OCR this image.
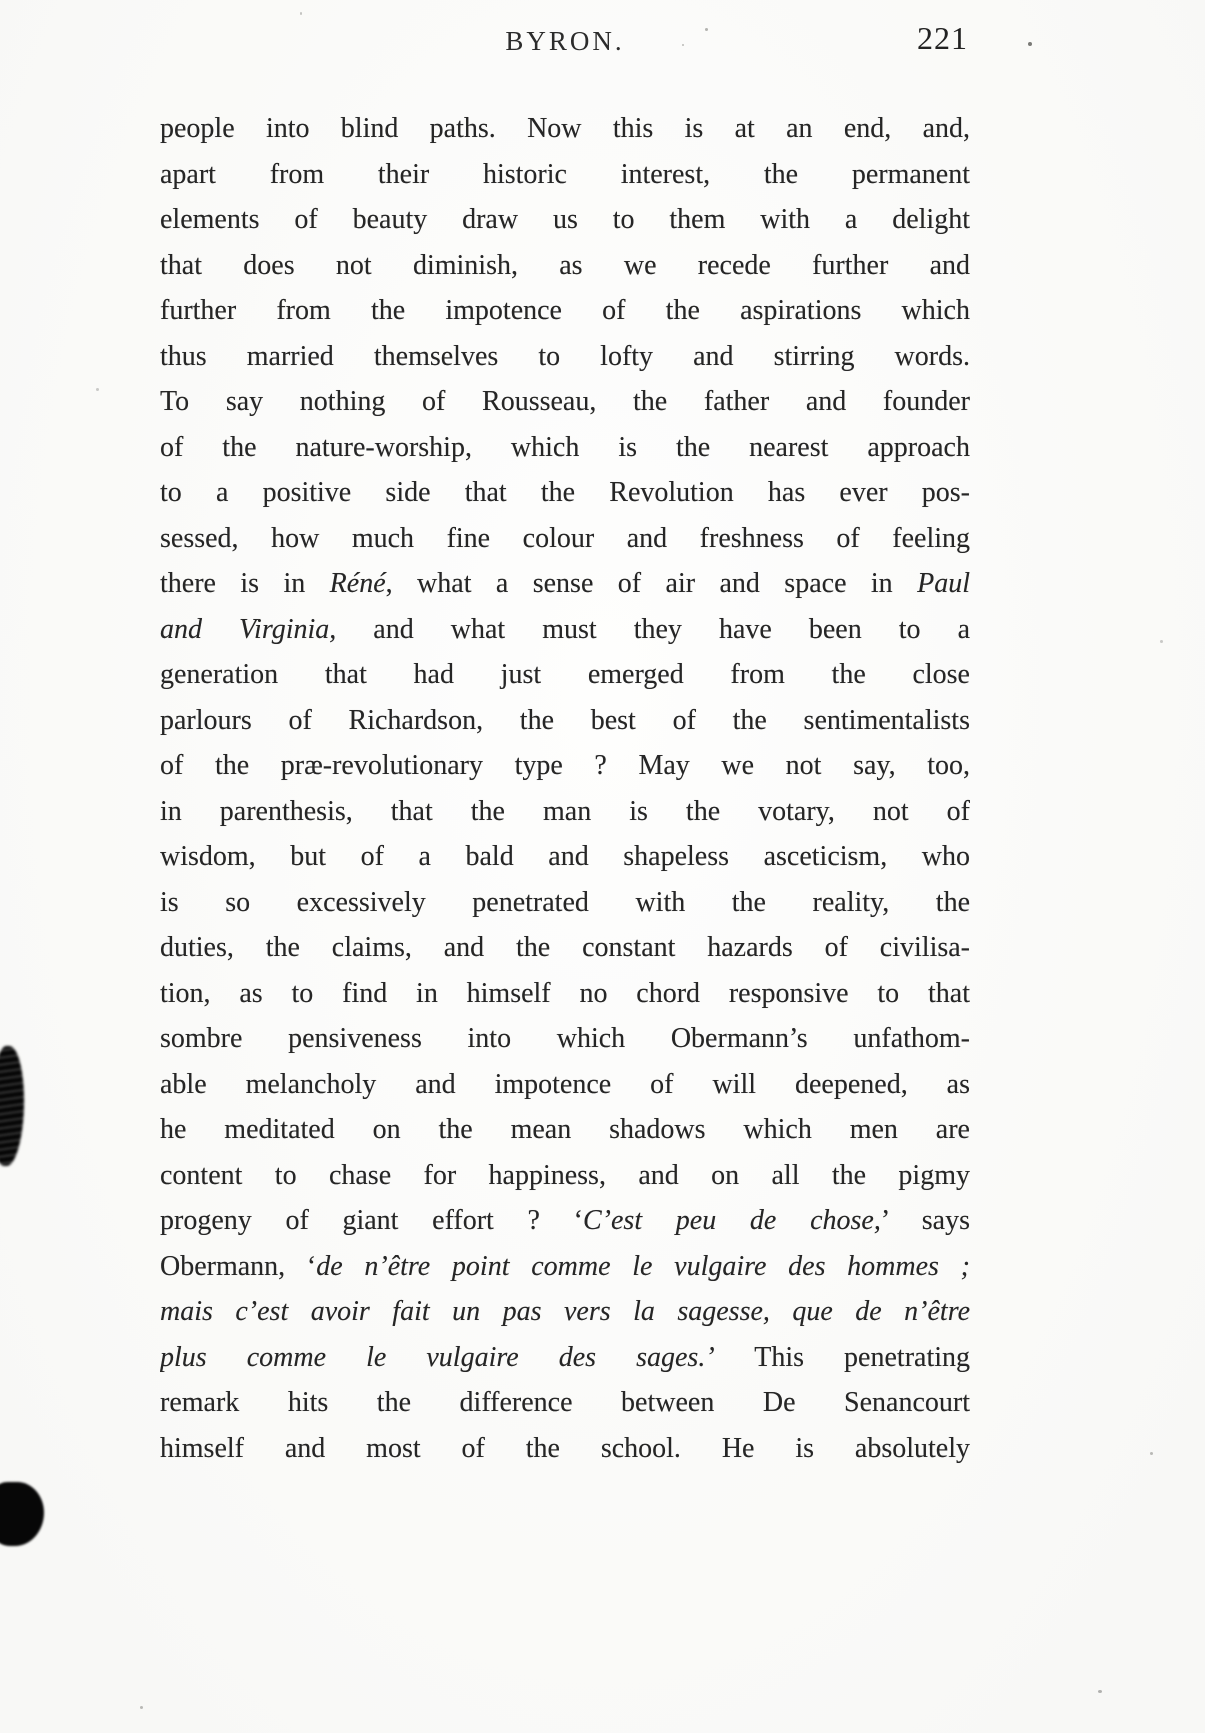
BYRON.	221
people into blind paths. Now this is at an end, and,
apart from their historic interest, the permanent
elements of beauty draw us to them with a delight
that does not diminish, as we recede further and
further from the impotence of the aspirations which
thus married themselves to lofty and stirring words.
To say nothing of Rousseau, the father and founder
of the nature-worship, which is the nearest approach
to a positive side that the Revolution has ever pos-
sessed, how much fine colour and freshness of feeling
there is in Réné, what a sense of air and space in Paul
and Virginia, and what must they have been to a
generation that had just emerged from the close
parlours of Richardson, the best of the sentimentalists
of the præ-revolutionary type ? May we not say, too,
in parenthesis, that the man is the votary, not of
wisdom, but of a bald and shapeless asceticism, who
is so excessively penetrated with the reality, the
duties, the claims, and the constant hazards of civilisa-
tion, as to find in himself no chord responsive to that
sombre pensiveness into which Obermann’s unfathom-
able melancholy and impotence of will deepened, as
he meditated on the mean shadows which men are
content to chase for happiness, and on all the pigmy
progeny of giant effort ? ‘C’est peu de chose,’ says
Obermann, ‘de n’être point comme le vulgaire des hommes ;
mais c’est avoir fait un pas vers la sagesse, que de n’être
plus comme le vulgaire des sages.’ This penetrating
remark hits the difference between De Senancourt
himself and most of the school. He is absolutely
